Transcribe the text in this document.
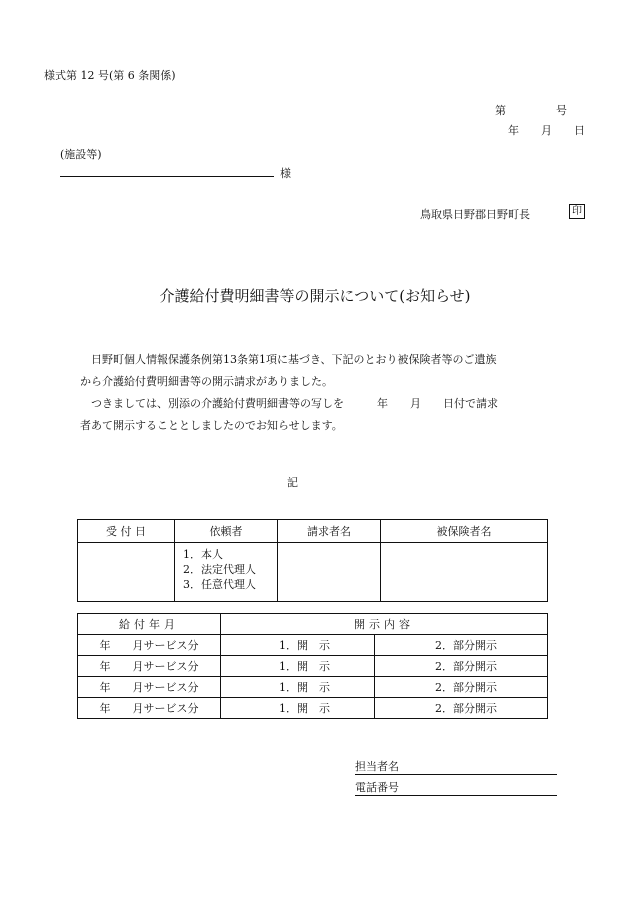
様式第 12 号(第 6 条関係)
第	号
年 月 日
(施設等)
様
鳥取県日野郡日野町長	印
介護給付費明細書等の開示について(お知らせ)

日野町個人情報保護条例第13条第1項に基づき、下記のとおり被保険者等のご遺族

から介護給付費明細書等の開示請求がありました。

つきましては、別添の介護給付費明細書等の写しを　　　年　　月　　日付で請求

者あて開示することとしましたのでお知らせします。

記
受 付 日	依頼者	請求者名	被保険者名

	1．本人
2．法定代理人
3．任意代理人		

給付年月	開示内容	
年　　月サービス分	1．開　示	2．部分開示
年　　月サービス分	1．開　示	2．部分開示
年　　月サービス分	1．開　示	2．部分開示
年　　月サービス分	1．開　示	2．部分開示
担当者名
電話番号
